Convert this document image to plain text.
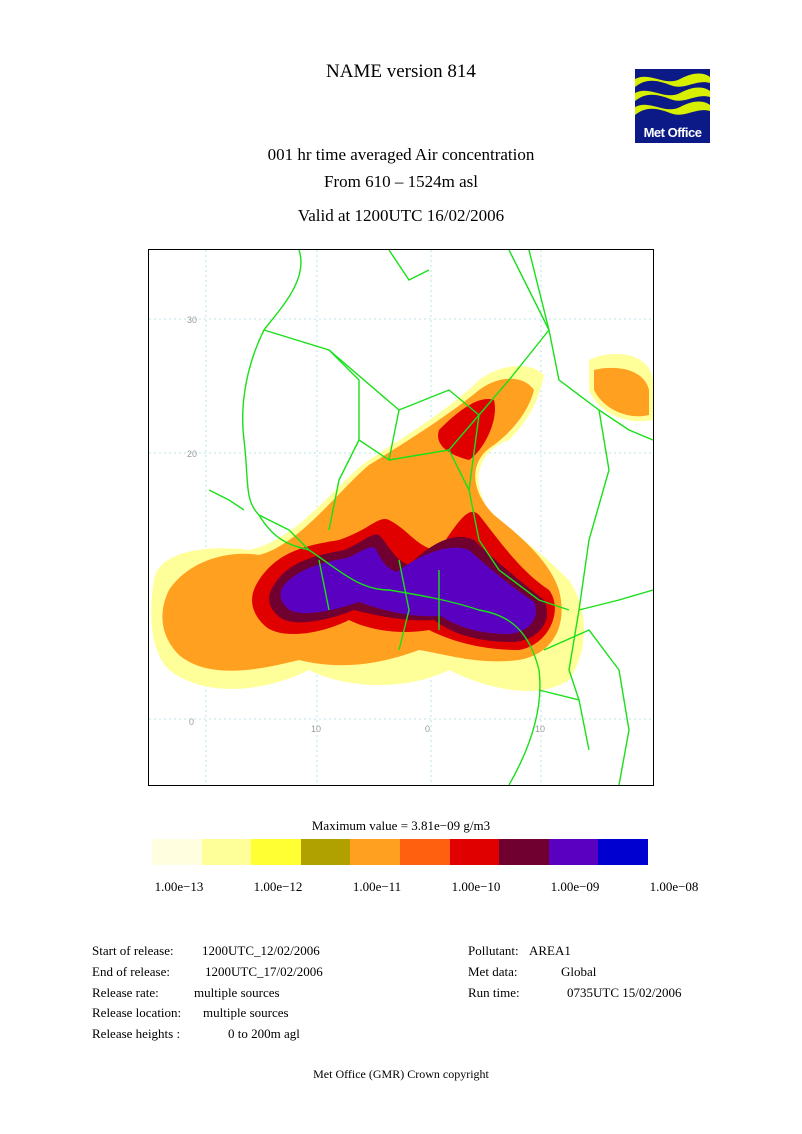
NAME version 814
Met Office
001 hr time averaged Air concentration
From 610 – 1524m asl
Valid at 1200UTC 16/02/2006
30
20
0
10	0	10
Maximum value = 3.81e−09 g/m3
1.00e−13	1.00e−12	1.00e−11	1.00e−10	1.00e−09	1.00e−08
Start of release: 1200UTC_12/02/2006
End of release:	1200UTC_17/02/2006
Release rate:	multiple sources
Release location: multiple sources
Release heights :	0 to 200m agl
Pollutant: AREA1
Met data:	Global
Run time:	0735UTC 15/02/2006
Met Office (GMR) Crown copyright
